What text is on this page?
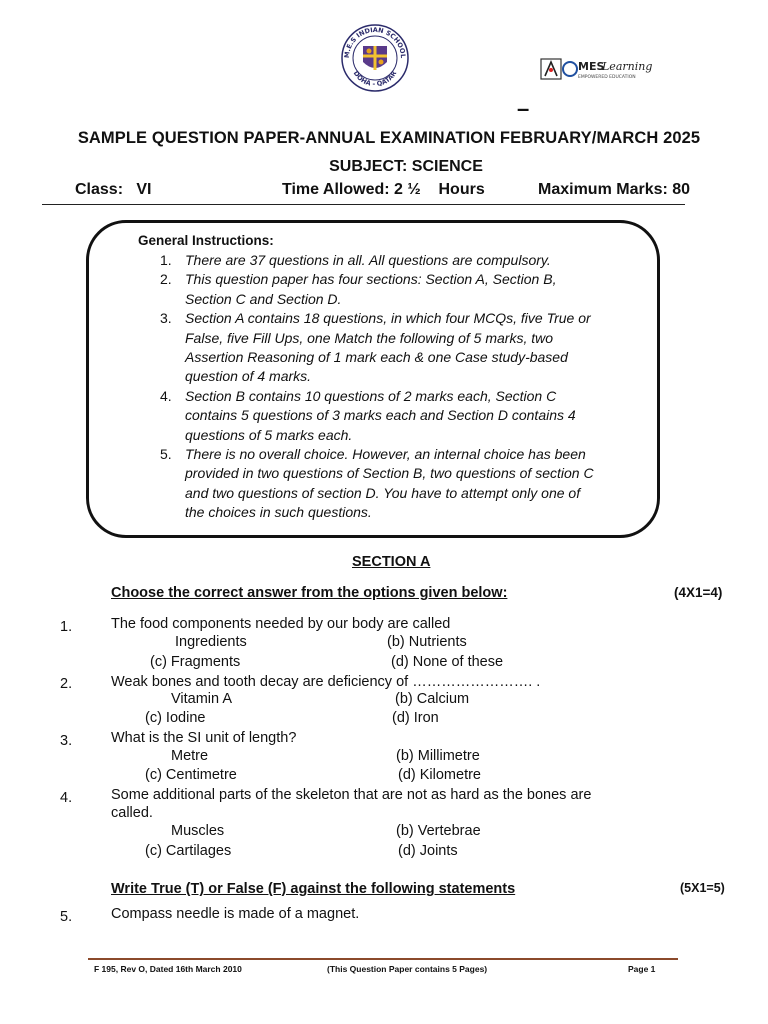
M.E.S INDIAN SCHOOL
DOHA - QATAR
MES
Learning
EMPOWERED EDUCATION
–
SAMPLE QUESTION PAPER-ANNUAL EXAMINATION FEBRUARY/MARCH 2025
SUBJECT: SCIENCE
Class:   VI	Time Allowed: 2 ½    Hours	Maximum Marks: 80
General Instructions:
1. There are 37 questions in all. All questions are compulsory.
2. This question paper has four sections: Section A, Section B, Section C and Section D.
3. Section A contains 18 questions, in which four MCQs, five True or False, five Fill Ups, one Match the following of 5 marks, two Assertion Reasoning of 1 mark each & one Case study-based question of 4 marks.
4. Section B contains 10 questions of 2 marks each, Section C contains 5 questions of 3 marks each and Section D contains 4 questions of 5 marks each.
5. There is no overall choice. However, an internal choice has been provided in two questions of Section B, two questions of section C and two questions of section D. You have to attempt only one of the choices in such questions.
SECTION A
Choose the correct answer from the options given below:	(4X1=4)
1.	The food components needed by our body are called
Ingredients	(b) Nutrients
(c) Fragments	(d) None of these
2.	Weak bones and tooth decay are deficiency of ……………………. .
Vitamin A	(b) Calcium
(c) Iodine	(d) Iron
3.	What is the SI unit of length?
Metre	(b) Millimetre
(c) Centimetre	(d) Kilometre
4.	Some additional parts of the skeleton that are not as hard as the bones are called.
Muscles	(b) Vertebrae
(c) Cartilages	(d) Joints
Write True (T) or False (F) against the following statements	(5X1=5)
5.	Compass needle is made of a magnet.
F 195, Rev O, Dated 16th March 2010	(This Question Paper contains 5 Pages)	Page 1
